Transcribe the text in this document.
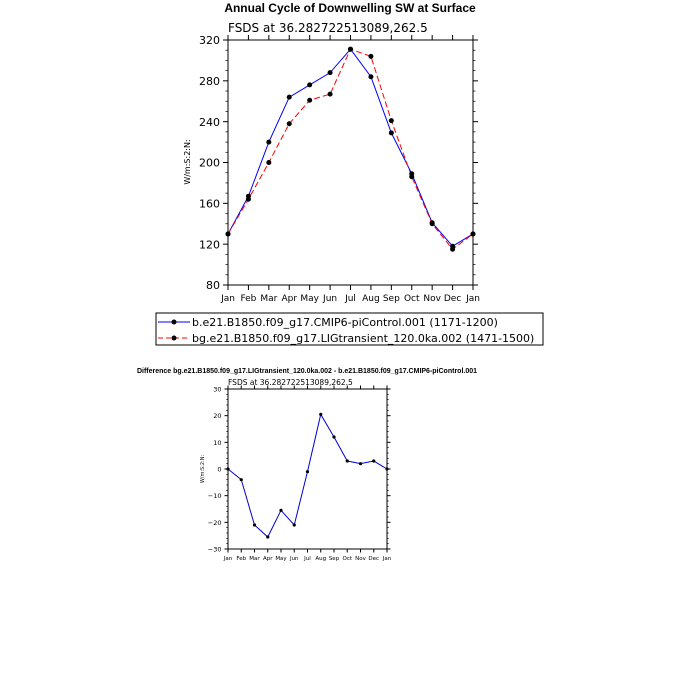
Annual Cycle of Downwelling SW at Surface
FSDS at 36.282722513089,262.5
W/m:S:2:N:
80
120
160
200
240
280
320
Jan Feb Mar Apr May Jun Jul Aug Sep Oct Nov Dec Jan
b.e21.B1850.f09_g17.CMIP6-piControl.001 (1171-1200)
bg.e21.B1850.f09_g17.LIGtransient_120.0ka.002 (1471-1500)
Difference bg.e21.B1850.f09_g17.LIGtransient_120.0ka.002 - b.e21.B1850.f09_g17.CMIP6-piControl.001
FSDS at 36.282722513089,262.5
W/m:S:2:N:
−30
−20
−10
0
10
20
30
Jan Feb Mar Apr May Jun Jul Aug Sep Oct Nov Dec Jan
